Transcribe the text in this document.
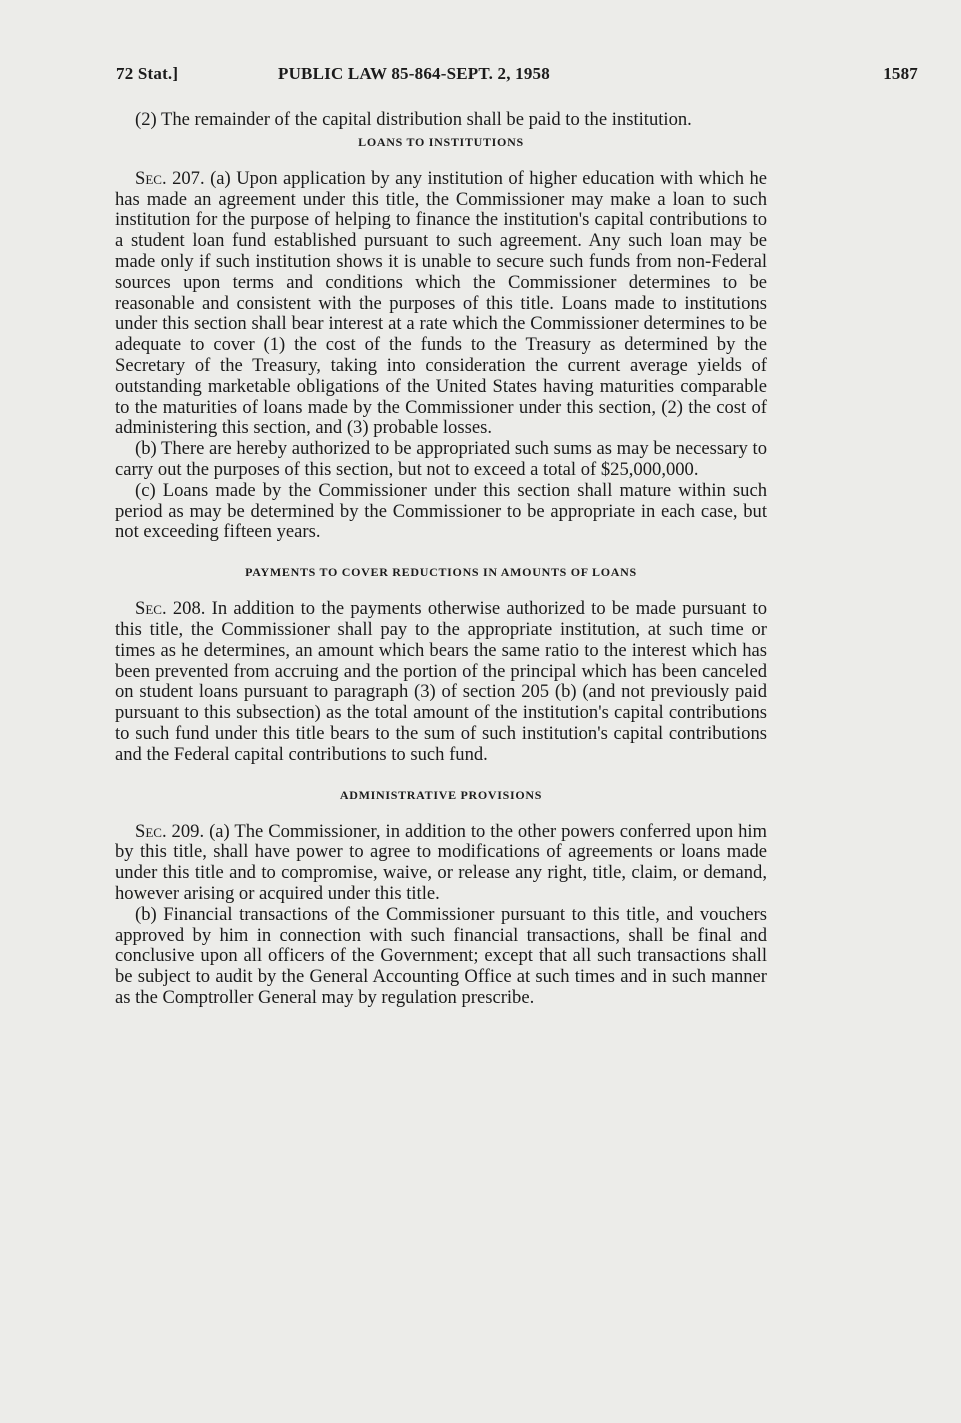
72 Stat.]	PUBLIC LAW 85-864-SEPT. 2, 1958	1587

(2) The remainder of the capital distribution shall be paid to the institution.

LOANS TO INSTITUTIONS

Sec. 207. (a) Upon application by any institution of higher education with which he has made an agreement under this title, the Commissioner may make a loan to such institution for the purpose of helping to finance the institution's capital contributions to a student loan fund established pursuant to such agreement. Any such loan may be made only if such institution shows it is unable to secure such funds from non-Federal sources upon terms and conditions which the Commissioner determines to be reasonable and consistent with the purposes of this title. Loans made to institutions under this section shall bear interest at a rate which the Commissioner determines to be adequate to cover (1) the cost of the funds to the Treasury as determined by the Secretary of the Treasury, taking into consideration the current average yields of outstanding marketable obligations of the United States having maturities comparable to the maturities of loans made by the Commissioner under this section, (2) the cost of administering this section, and (3) probable losses.

(b) There are hereby authorized to be appropriated such sums as may be necessary to carry out the purposes of this section, but not to exceed a total of $25,000,000.

(c) Loans made by the Commissioner under this section shall mature within such period as may be determined by the Commissioner to be appropriate in each case, but not exceeding fifteen years.

PAYMENTS TO COVER REDUCTIONS IN AMOUNTS OF LOANS

Sec. 208. In addition to the payments otherwise authorized to be made pursuant to this title, the Commissioner shall pay to the appropriate institution, at such time or times as he determines, an amount which bears the same ratio to the interest which has been prevented from accruing and the portion of the principal which has been canceled on student loans pursuant to paragraph (3) of section 205 (b) (and not previously paid pursuant to this subsection) as the total amount of the institution's capital contributions to such fund under this title bears to the sum of such institution's capital contributions and the Federal capital contributions to such fund.

ADMINISTRATIVE PROVISIONS

Sec. 209. (a) The Commissioner, in addition to the other powers conferred upon him by this title, shall have power to agree to modifications of agreements or loans made under this title and to compromise, waive, or release any right, title, claim, or demand, however arising or acquired under this title.

(b) Financial transactions of the Commissioner pursuant to this title, and vouchers approved by him in connection with such financial transactions, shall be final and conclusive upon all officers of the Government; except that all such transactions shall be subject to audit by the General Accounting Office at such times and in such manner as the Comptroller General may by regulation prescribe.
